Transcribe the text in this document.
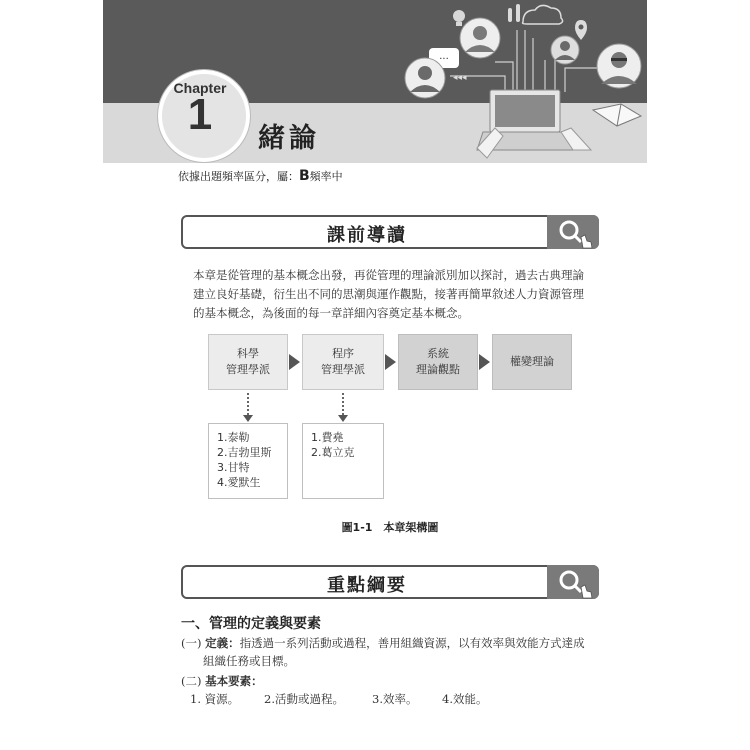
···
◂◂◂
Chapter
1	緒論
依據出題頻率區分，屬：B頻率中
課前導讀
本章是從管理的基本概念出發，再從管理的理論派別加以探討，過去古典理論建立良好基礎，衍生出不同的思潮與運作觀點，接著再簡單敘述人力資源管理的基本概念，為後面的每一章詳細內容奠定基本概念。
科學
管理學派
程序
管理學派
系統
理論觀點
權變理論
1.泰勒
2.吉勃里斯
3.甘特
4.愛默生
1.費堯
2.葛立克
圖1-1　本章架構圖
重點綱要
一、管理的定義與要素
(一) 定義：指透過一系列活動或過程，善用組織資源，以有效率與效能方式達成
組織任務或目標。
(二) 基本要素：
1. 資源。 2.活動或過程。 3.效率。 4.效能。
